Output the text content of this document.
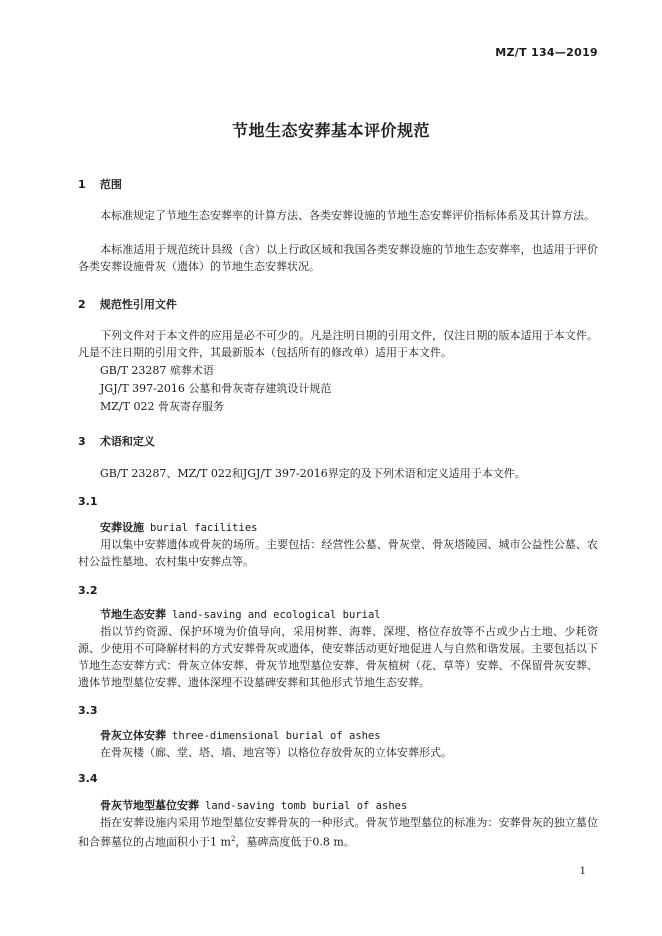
MZ/T 134—2019
节地生态安葬基本评价规范
1 范围
本标准规定了节地生态安葬率的计算方法、各类安葬设施的节地生态安葬评价指标体系及其计算方法。
本标准适用于规范统计县级（含）以上行政区域和我国各类安葬设施的节地生态安葬率，也适用于评价各类安葬设施骨灰（遗体）的节地生态安葬状况。
2 规范性引用文件
下列文件对于本文件的应用是必不可少的。凡是注明日期的引用文件，仅注日期的版本适用于本文件。凡是不注日期的引用文件，其最新版本（包括所有的修改单）适用于本文件。
GB/T 23287 殡葬术语
JGJ/T 397-2016 公墓和骨灰寄存建筑设计规范
MZ/T 022 骨灰寄存服务
3 术语和定义
GB/T 23287、MZ/T 022和JGJ/T 397-2016界定的及下列术语和定义适用于本文件。
3.1
安葬设施 burial facilities
用以集中安葬遗体或骨灰的场所。主要包括：经营性公墓、骨灰堂、骨灰塔陵园、城市公益性公墓、农村公益性墓地、农村集中安葬点等。
3.2
节地生态安葬 land-saving and ecological burial
指以节约资源、保护环境为价值导向，采用树葬、海葬、深埋、格位存放等不占或少占土地、少耗资源、少使用不可降解材料的方式安葬骨灰或遗体，使安葬活动更好地促进人与自然和谐发展。主要包括以下节地生态安葬方式：骨灰立体安葬、骨灰节地型墓位安葬、骨灰植树（花、草等）安葬、不保留骨灰安葬、遗体节地型墓位安葬、遗体深埋不设墓碑安葬和其他形式节地生态安葬。
3.3
骨灰立体安葬 three-dimensional burial of ashes
在骨灰楼（廊、堂、塔、墙、地宫等）以格位存放骨灰的立体安葬形式。
3.4
骨灰节地型墓位安葬 land-saving tomb burial of ashes
指在安葬设施内采用节地型墓位安葬骨灰的一种形式。骨灰节地型墓位的标准为：安葬骨灰的独立墓位和合葬墓位的占地面积小于1 $m^2$，墓碑高度低于0.8 m。
1
